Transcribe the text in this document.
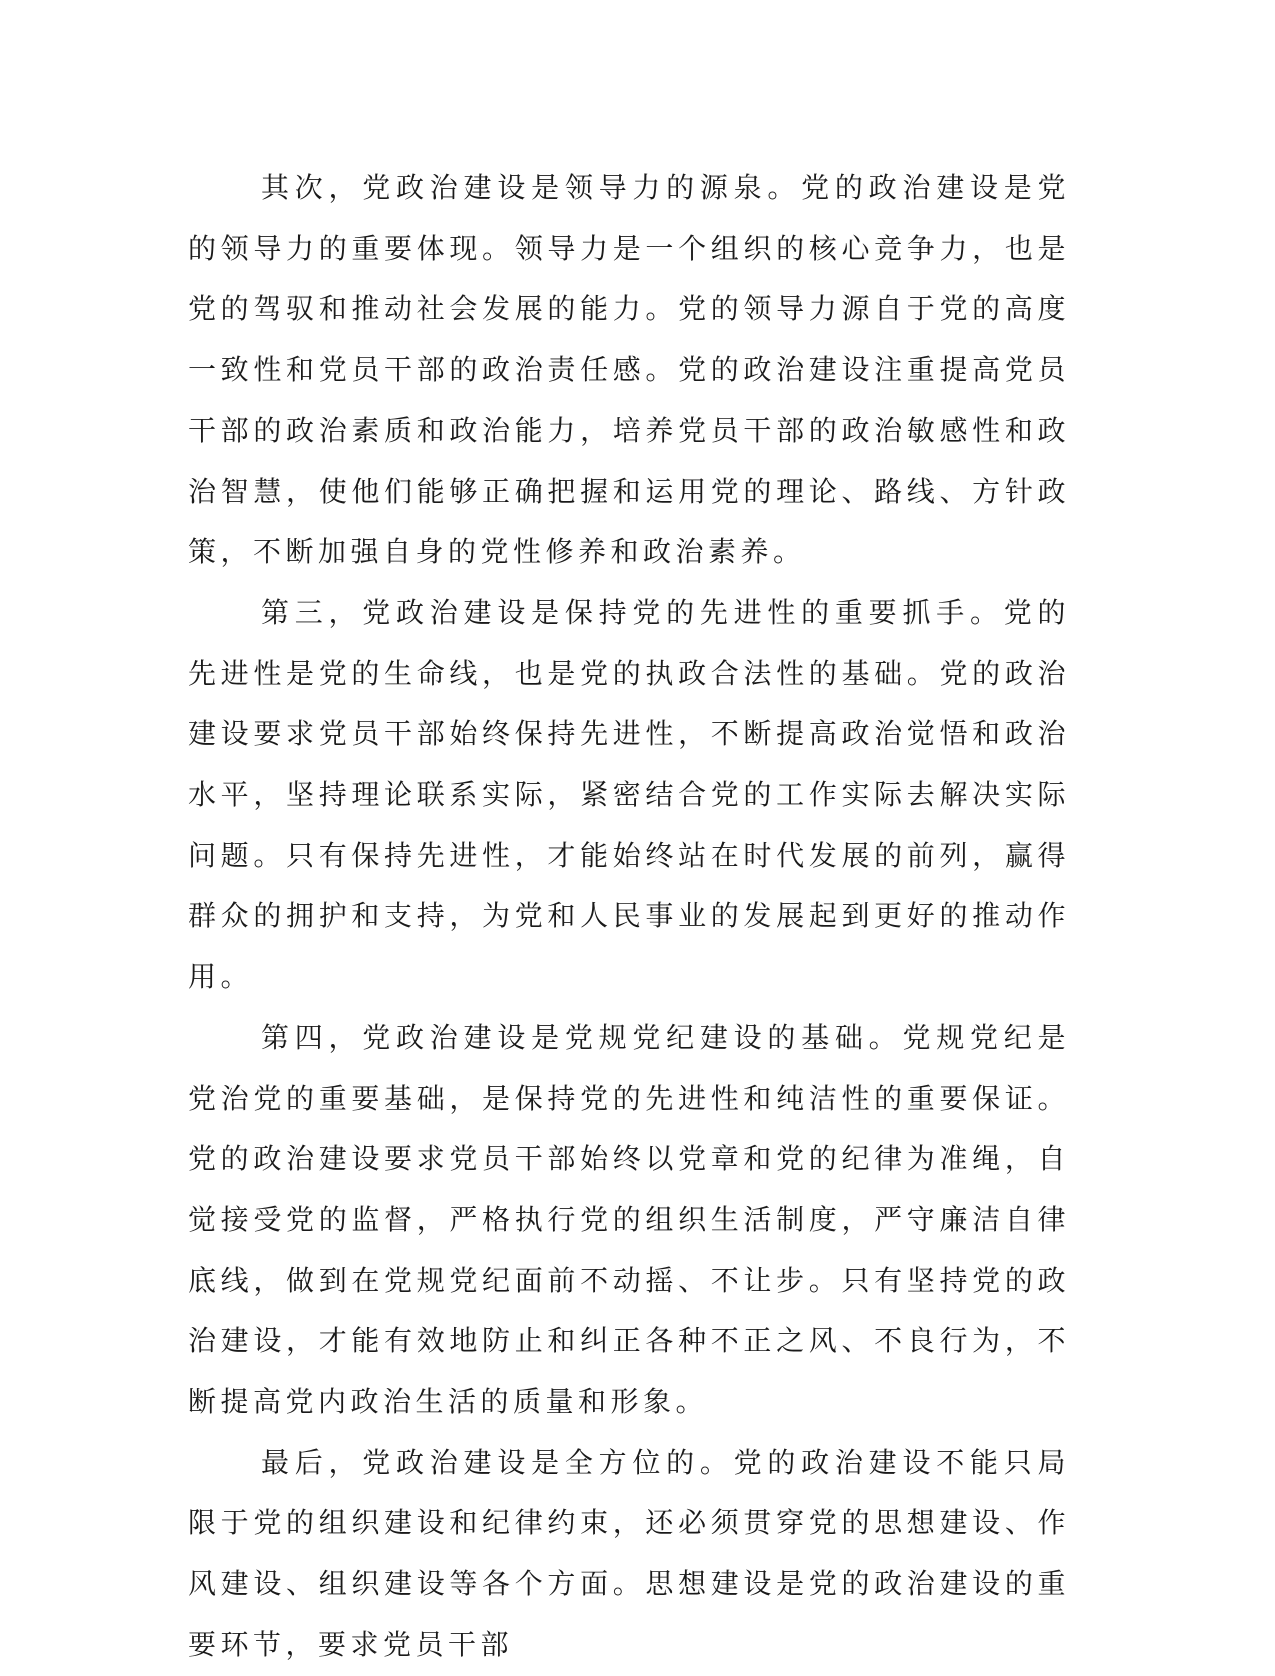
其次，党政治建设是领导力的源泉。党的政治建设是党的领导力的重要体现。领导力是一个组织的核心竞争力，也是党的驾驭和推动社会发展的能力。党的领导力源自于党的高度一致性和党员干部的政治责任感。党的政治建设注重提高党员干部的政治素质和政治能力，培养党员干部的政治敏感性和政治智慧，使他们能够正确把握和运用党的理论、路线、方针政策，不断加强自身的党性修养和政治素养。

第三，党政治建设是保持党的先进性的重要抓手。党的先进性是党的生命线，也是党的执政合法性的基础。党的政治建设要求党员干部始终保持先进性，不断提高政治觉悟和政治水平，坚持理论联系实际，紧密结合党的工作实际去解决实际问题。只有保持先进性，才能始终站在时代发展的前列，赢得群众的拥护和支持，为党和人民事业的发展起到更好的推动作用。

第四，党政治建设是党规党纪建设的基础。党规党纪是党治党的重要基础，是保持党的先进性和纯洁性的重要保证。党的政治建设要求党员干部始终以党章和党的纪律为准绳，自觉接受党的监督，严格执行党的组织生活制度，严守廉洁自律底线，做到在党规党纪面前不动摇、不让步。只有坚持党的政治建设，才能有效地防止和纠正各种不正之风、不良行为，不断提高党内政治生活的质量和形象。

最后，党政治建设是全方位的。党的政治建设不能只局限于党的组织建设和纪律约束，还必须贯穿党的思想建设、作风建设、组织建设等各个方面。思想建设是党的政治建设的重要环节，要求党员干部
